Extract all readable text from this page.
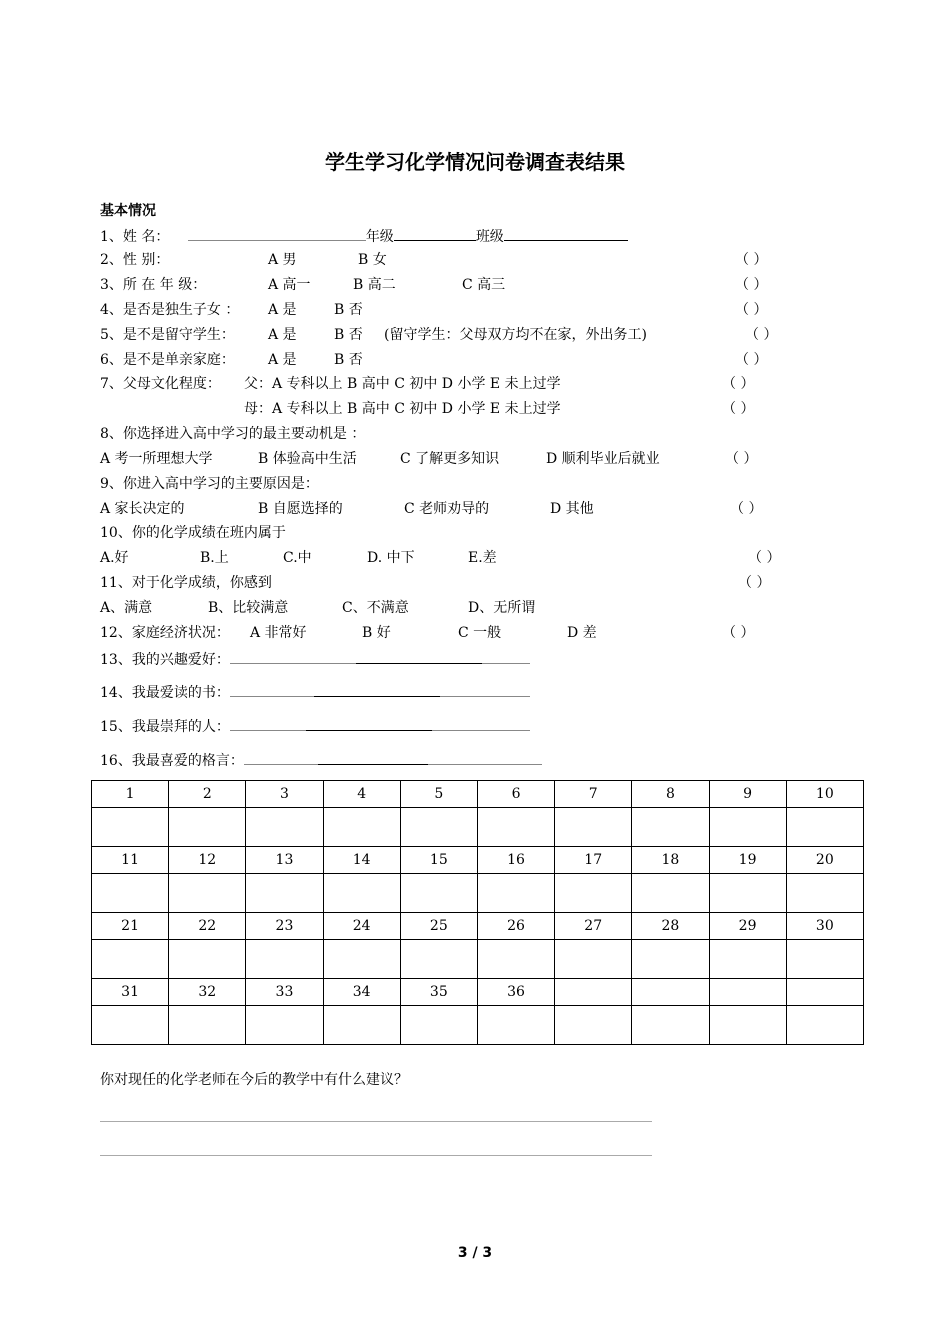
学生学习化学情况问卷调查表结果
基本情况
1、姓 名：	年级	班级
2、性 别：	A 男	B 女	（ ）
3、所 在 年 级：	A 高一	B 高二	C 高三	（ ）
4、是否是独生子女 ： A 是	B 否	（ ）
5、是不是留守学生： A 是	B 否 (留守学生：父母双方均不在家，外出务工)	（ ）
6、是不是单亲家庭： A 是	B 否	（ ）
7、父母文化程度： 父：A 专科以上 B 高中 C 初中 D 小学 E 未上过学	（ ）
母：A 专科以上 B 高中 C 初中 D 小学 E 未上过学	（ ）
8、你选择进入高中学习的最主要动机是 ：
A 考一所理想大学	B 体验高中生活	C 了解更多知识	D 顺利毕业后就业	（ ）
9、你进入高中学习的主要原因是：
A 家长决定的	B 自愿选择的	C 老师劝导的	D 其他	（ ）
10、你的化学成绩在班内属于
A.好	B.上	C.中	D. 中下	E.差	（ ）
11、对于化学成绩，你感到	（ ）
A、满意	B、比较满意	C、不满意	D、无所谓
12、家庭经济状况： A 非常好	B 好	C 一般	D 差	（ ）
13、我的兴趣爱好：
14、我最爱读的书：
15、我最崇拜的人：
16、我最喜爱的格言：
1	2	3	4	5	6	7	8	9	10

11	12	13	14	15	16	17	18	19	20

21	22	23	24	25	26	27	28	29	30

31	32	33	34	35	36				

你对现任的化学老师在今后的教学中有什么建议？
3 / 3
